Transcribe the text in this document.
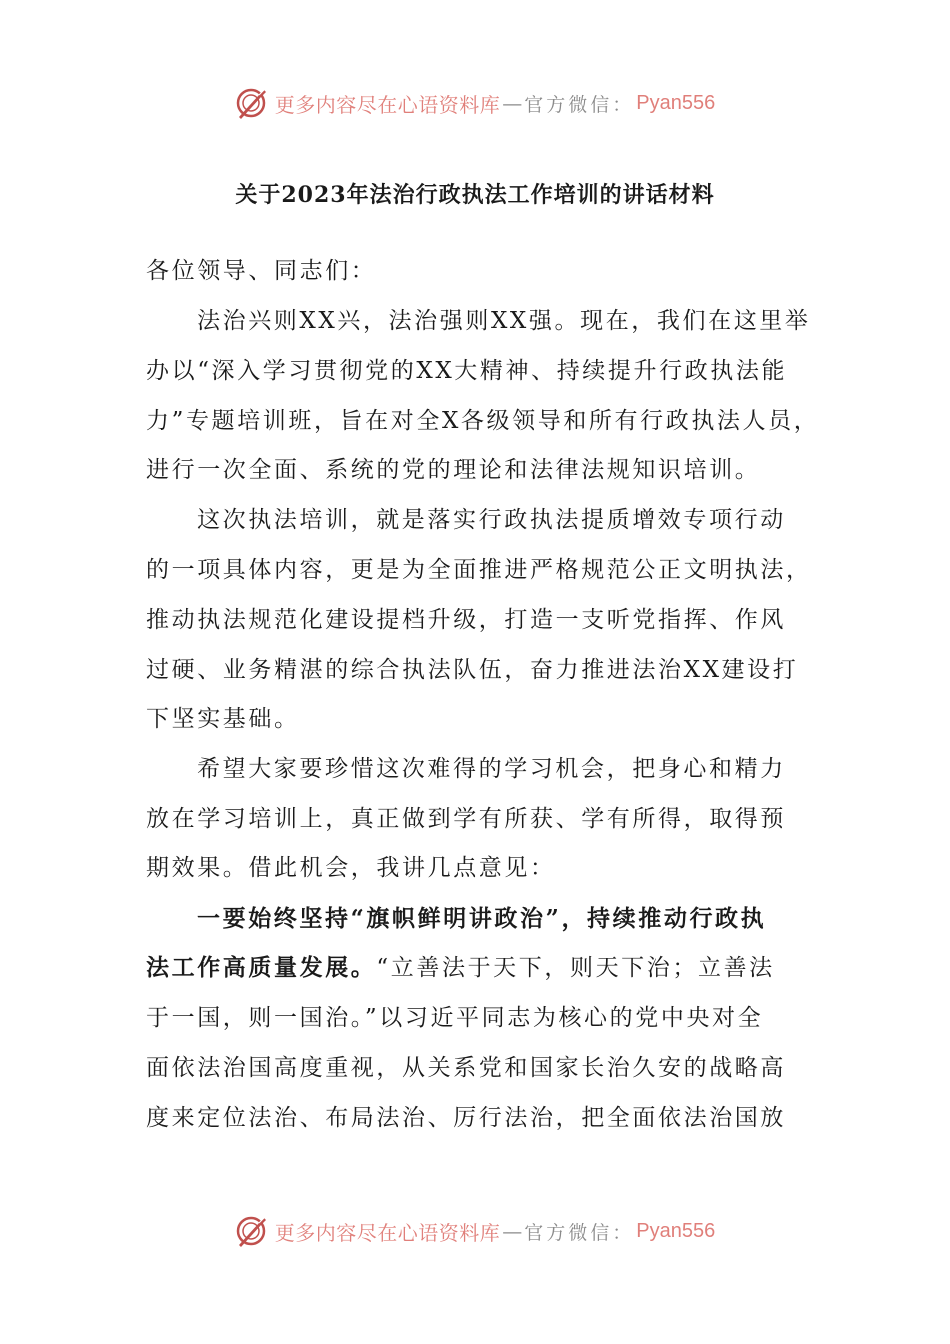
更多内容尽在心语资料库 — 官方微信： Pyan556
关于2023年法治行政执法工作培训的讲话材料
各位领导、同志们：
法治兴则XX兴，法治强则XX强。现在，我们在这里举
办以“深入学习贯彻党的XX大精神、持续提升行政执法能
力”专题培训班，旨在对全X各级领导和所有行政执法人员，
进行一次全面、系统的党的理论和法律法规知识培训。
这次执法培训，就是落实行政执法提质增效专项行动
的一项具体内容，更是为全面推进严格规范公正文明执法，
推动执法规范化建设提档升级，打造一支听党指挥、作风
过硬、业务精湛的综合执法队伍，奋力推进法治XX建设打
下坚实基础。
希望大家要珍惜这次难得的学习机会，把身心和精力
放在学习培训上，真正做到学有所获、学有所得，取得预
期效果。借此机会，我讲几点意见：
一要始终坚持“旗帜鲜明讲政治”，持续推动行政执
法工作高质量发展。“立善法于天下，则天下治；立善法
于一国，则一国治。”以习近平同志为核心的党中央对全
面依法治国高度重视，从关系党和国家长治久安的战略高
度来定位法治、布局法治、厉行法治，把全面依法治国放
更多内容尽在心语资料库 — 官方微信： Pyan556
